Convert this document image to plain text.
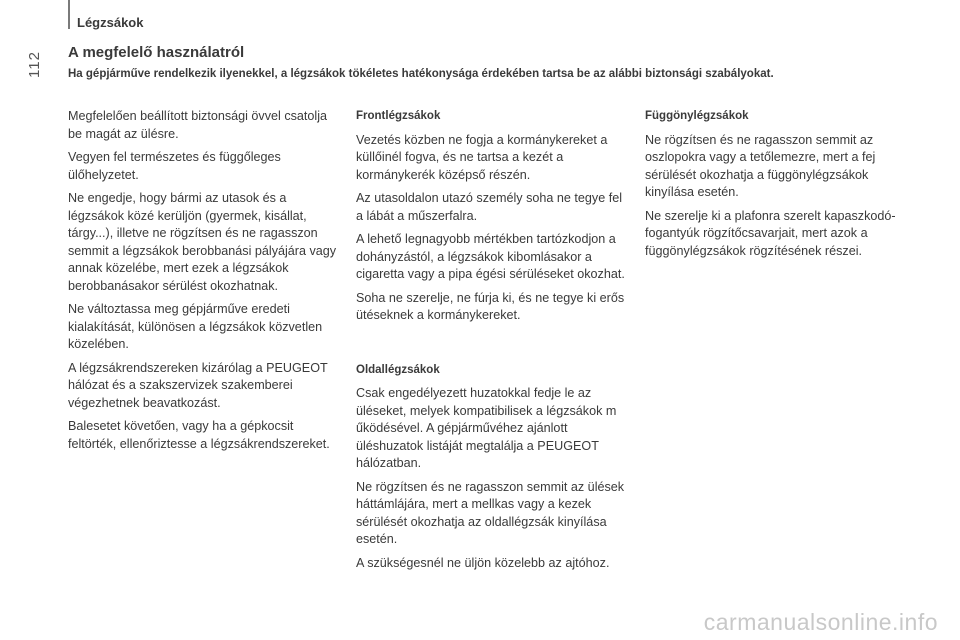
Légzsákok
112 A megfelelő használatról
Ha gépjárműve rendelkezik ilyenekkel, a légzsákok tökéletes hatékonysága érdekében tartsa be az alábbi biztonsági szabályokat.

Megfelelően beállított biztonsági övvel csatolja be magát az ülésre.

Vegyen fel természetes és függőleges ülőhelyzetet.

Ne engedje, hogy bármi az utasok és a légzsákok közé kerüljön (gyermek, kisállat, tárgy...), illetve ne rögzítsen és ne ragasszon semmit a légzsákok berobbanási pályájára vagy annak közelébe, mert ezek a légzsákok berobbanásakor sérülést okozhatnak.

Ne változtassa meg gépjárműve eredeti kialakítását, különösen a légzsákok közvetlen közelében.

A légzsákrendszereken kizárólag a PEUGEOT hálózat és a szakszervizek szakemberei végezhetnek beavatkozást.

Balesetet követően, vagy ha a gépkocsit feltörték, ellenőriztesse a légzsákrendszereket.

Frontlégzsákok

Vezetés közben ne fogja a kormánykereket a küllőinél fogva, és ne tartsa a kezét a kormánykerék középső részén.

Az utasoldalon utazó személy soha ne tegye fel a lábát a műszerfalra.

A lehető legnagyobb mértékben tartózkodjon a dohányzástól, a légzsákok kibomlásakor a cigaretta vagy a pipa égési sérüléseket okozhat.

Soha ne szerelje, ne fúrja ki, és ne tegye ki erős ütéseknek a kormánykereket.

Oldallégzsákok

Csak engedélyezett huzatokkal fedje le az üléseket, melyek kompatibilisek a légzsákok m űködésével. A gépjárművéhez ajánlott üléshuzatok listáját megtalálja a PEUGEOT hálózatban.

Ne rögzítsen és ne ragasszon semmit az ülések háttámlájára, mert a mellkas vagy a kezek sérülését okozhatja az oldallégzsák kinyílása esetén.

A szükségesnél ne üljön közelebb az ajtóhoz.

Függönylégzsákok

Ne rögzítsen és ne ragasszon semmit az oszlopokra vagy a tetőlemezre, mert a fej sérülését okozhatja a függönylégzsákok kinyílása esetén.

Ne szerelje ki a plafonra szerelt kapaszkodó-fogantyúk rögzítőcsavarjait, mert azok a függönylégzsákok rögzítésének részei.

carmanualsonline.info
